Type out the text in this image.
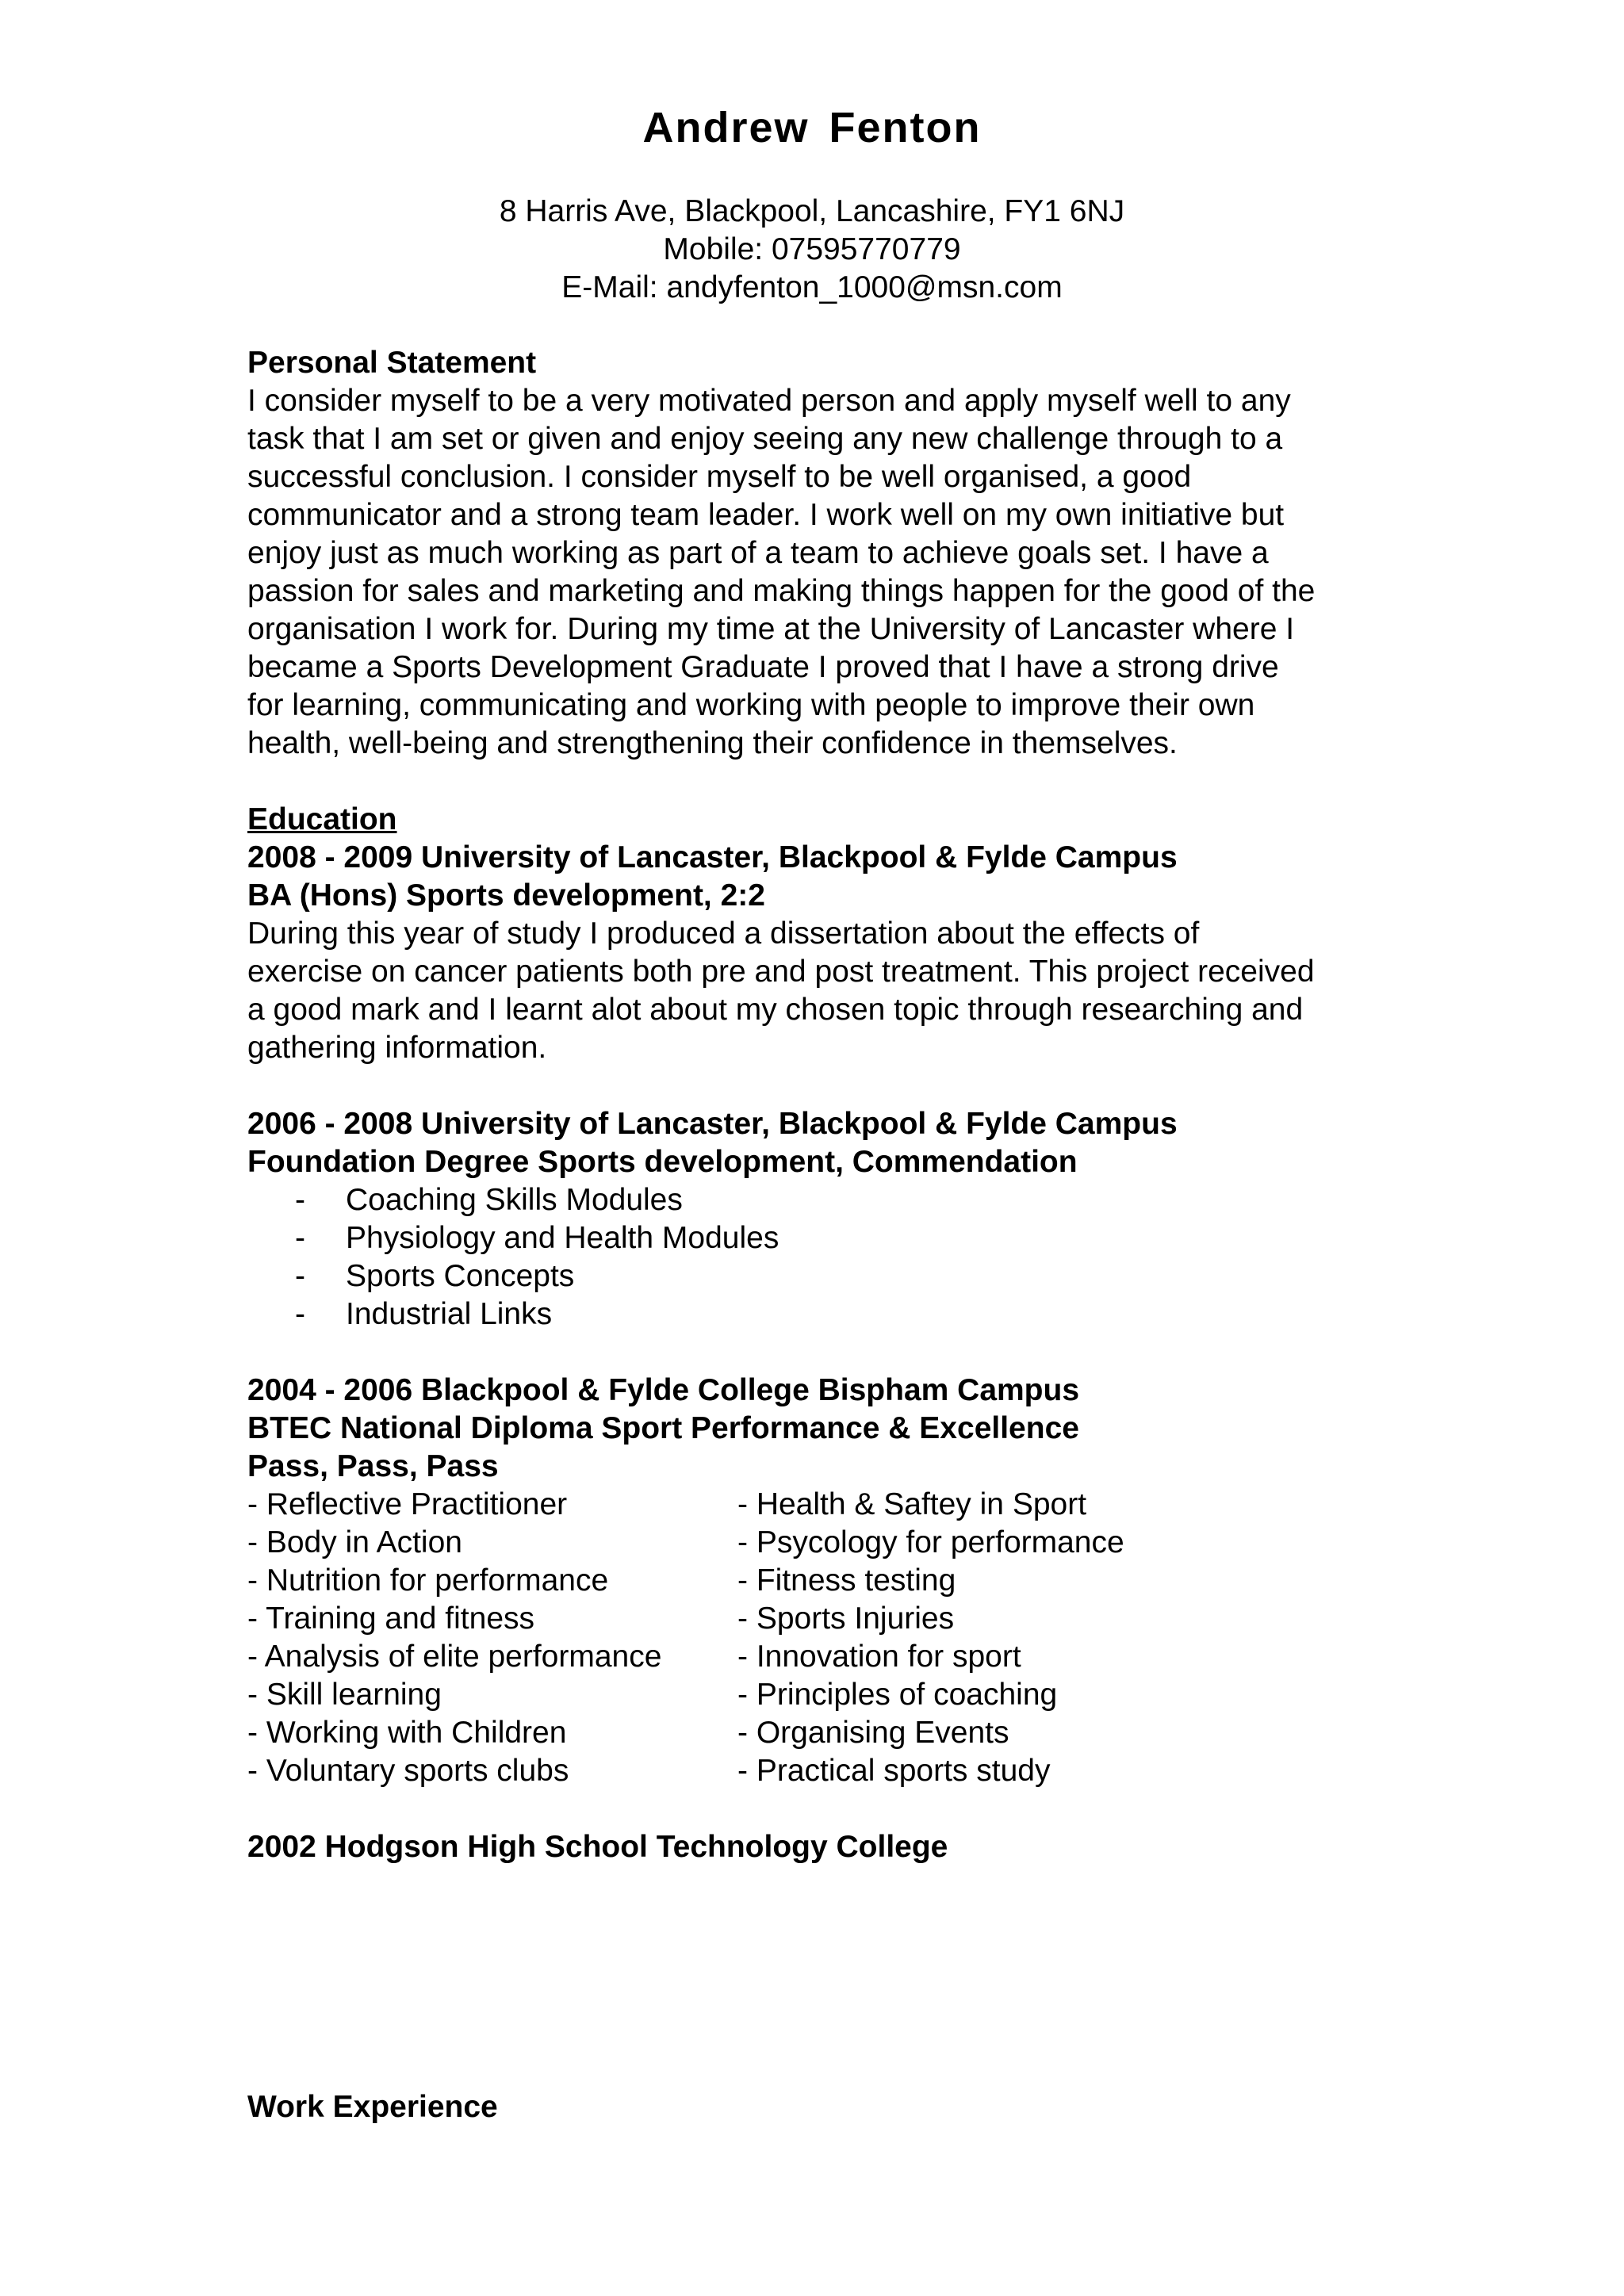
Andrew Fenton
8 Harris Ave, Blackpool, Lancashire, FY1 6NJ
Mobile: 07595770779
E-Mail: andyfenton_1000@msn.com

Personal Statement

I consider myself to be a very motivated person and apply myself well to any

task that I am set or given and enjoy seeing any new challenge through to a

successful conclusion. I consider myself to be well organised, a good

communicator and a strong team leader. I work well on my own initiative but

enjoy just as much working as part of a team to achieve goals set. I have a

passion for sales and marketing and making things happen for the good of the

organisation I work for. During my time at the University of Lancaster where I

became a Sports Development Graduate I proved that I have a strong drive

for learning, communicating and working with people to improve their own

health, well-being and strengthening their confidence in themselves.

Education

2008 - 2009 University of Lancaster, Blackpool & Fylde Campus

BA (Hons) Sports development, 2:2

During this year of study I produced a dissertation about the effects of

exercise on cancer patients both pre and post treatment. This project received

a good mark and I learnt alot about my chosen topic through researching and

gathering information.

2006 - 2008 University of Lancaster, Blackpool & Fylde Campus

Foundation Degree Sports development, Commendation

- Coaching Skills Modules
- Physiology and Health Modules
- Sports Concepts
- Industrial Links

2004 - 2006 Blackpool & Fylde College Bispham Campus

BTEC National Diploma Sport Performance & Excellence

Pass, Pass, Pass

- Reflective Practitioner	- Health & Saftey in Sport
- Body in Action	- Psycology for performance
- Nutrition for performance	- Fitness testing
- Training and fitness	- Sports Injuries
- Analysis of elite performance	- Innovation for sport
- Skill learning	- Principles of coaching
- Working with Children	- Organising Events
- Voluntary sports clubs	- Practical sports study

2002 Hodgson High School Technology College

Work Experience
